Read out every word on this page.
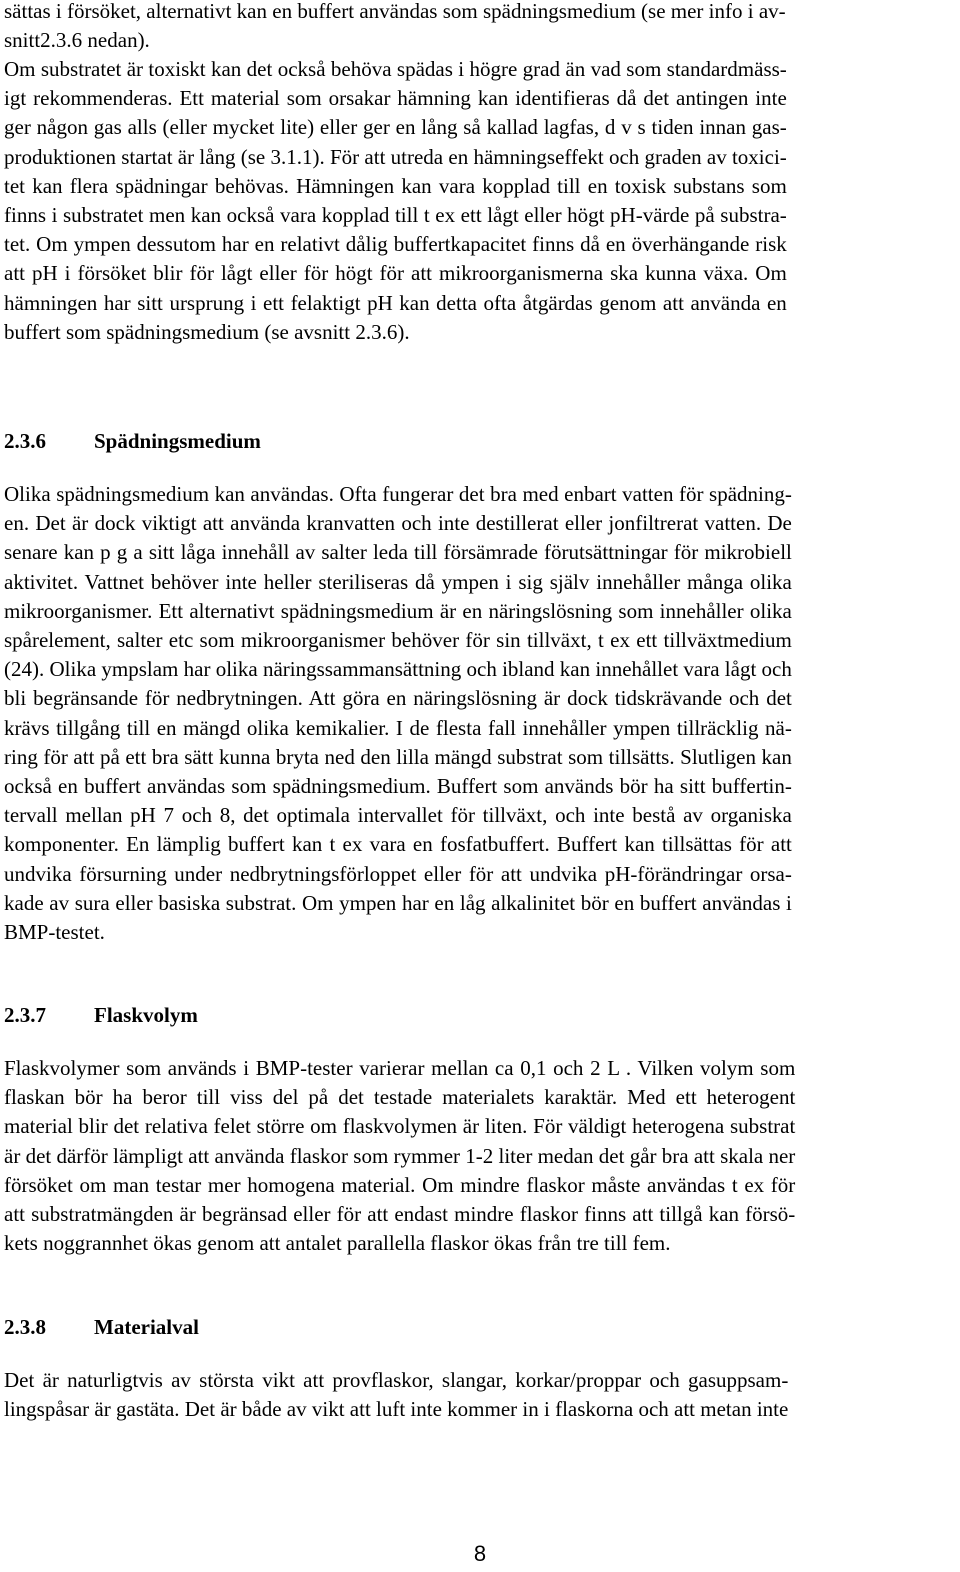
sättas i försöket, alternativt kan en buffert användas som spädningsmedium (se mer info i av-
snitt2.3.6 nedan).
Om substratet är toxiskt kan det också behöva spädas i högre grad än vad som standardmäss-
igt rekommenderas. Ett material som orsakar hämning kan identifieras då det antingen inte
ger någon gas alls (eller mycket lite) eller ger en lång så kallad lagfas, d v s tiden innan gas-
produktionen startat är lång (se 3.1.1). För att utreda en hämningseffekt och graden av toxici-
tet kan flera spädningar behövas. Hämningen kan vara kopplad till en toxisk substans som
finns i substratet men kan också vara kopplad till t ex ett lågt eller högt pH-värde på substra-
tet. Om ympen dessutom har en relativt dålig buffertkapacitet finns då en överhängande risk
att pH i försöket blir för lågt eller för högt för att mikroorganismerna ska kunna växa. Om
hämningen har sitt ursprung i ett felaktigt pH kan detta ofta åtgärdas genom att använda en
buffert som spädningsmedium (se avsnitt 2.3.6).
2.3.6 Spädningsmedium
Olika spädningsmedium kan användas. Ofta fungerar det bra med enbart vatten för spädning-
en. Det är dock viktigt att använda kranvatten och inte destillerat eller jonfiltrerat vatten. De
senare kan p g a sitt låga innehåll av salter leda till försämrade förutsättningar för mikrobiell
aktivitet. Vattnet behöver inte heller steriliseras då ympen i sig själv innehåller många olika
mikroorganismer. Ett alternativt spädningsmedium är en näringslösning som innehåller olika
spårelement, salter etc som mikroorganismer behöver för sin tillväxt, t ex ett tillväxtmedium
(24). Olika ympslam har olika näringssammansättning och ibland kan innehållet vara lågt och
bli begränsande för nedbrytningen. Att göra en näringslösning är dock tidskrävande och det
krävs tillgång till en mängd olika kemikalier. I de flesta fall innehåller ympen tillräcklig nä-
ring för att på ett bra sätt kunna bryta ned den lilla mängd substrat som tillsätts. Slutligen kan
också en buffert användas som spädningsmedium. Buffert som används bör ha sitt buffertin-
tervall mellan pH 7 och 8, det optimala intervallet för tillväxt, och inte bestå av organiska
komponenter. En lämplig buffert kan t ex vara en fosfatbuffert. Buffert kan tillsättas för att
undvika försurning under nedbrytningsförloppet eller för att undvika pH-förändringar orsa-
kade av sura eller basiska substrat. Om ympen har en låg alkalinitet bör en buffert användas i
BMP-testet.
2.3.7 Flaskvolym
Flaskvolymer som används i BMP-tester varierar mellan ca 0,1 och 2 L . Vilken volym som
flaskan bör ha beror till viss del på det testade materialets karaktär. Med ett heterogent
material blir det relativa felet större om flaskvolymen är liten. För väldigt heterogena substrat
är det därför lämpligt att använda flaskor som rymmer 1-2 liter medan det går bra att skala ner
försöket om man testar mer homogena material. Om mindre flaskor måste användas t ex för
att substratmängden är begränsad eller för att endast mindre flaskor finns att tillgå kan försö-
kets noggrannhet ökas genom att antalet parallella flaskor ökas från tre till fem.
2.3.8 Materialval
Det är naturligtvis av största vikt att provflaskor, slangar, korkar/proppar och gasuppsam-
lingspåsar är gastäta. Det är både av vikt att luft inte kommer in i flaskorna och att metan inte
8
